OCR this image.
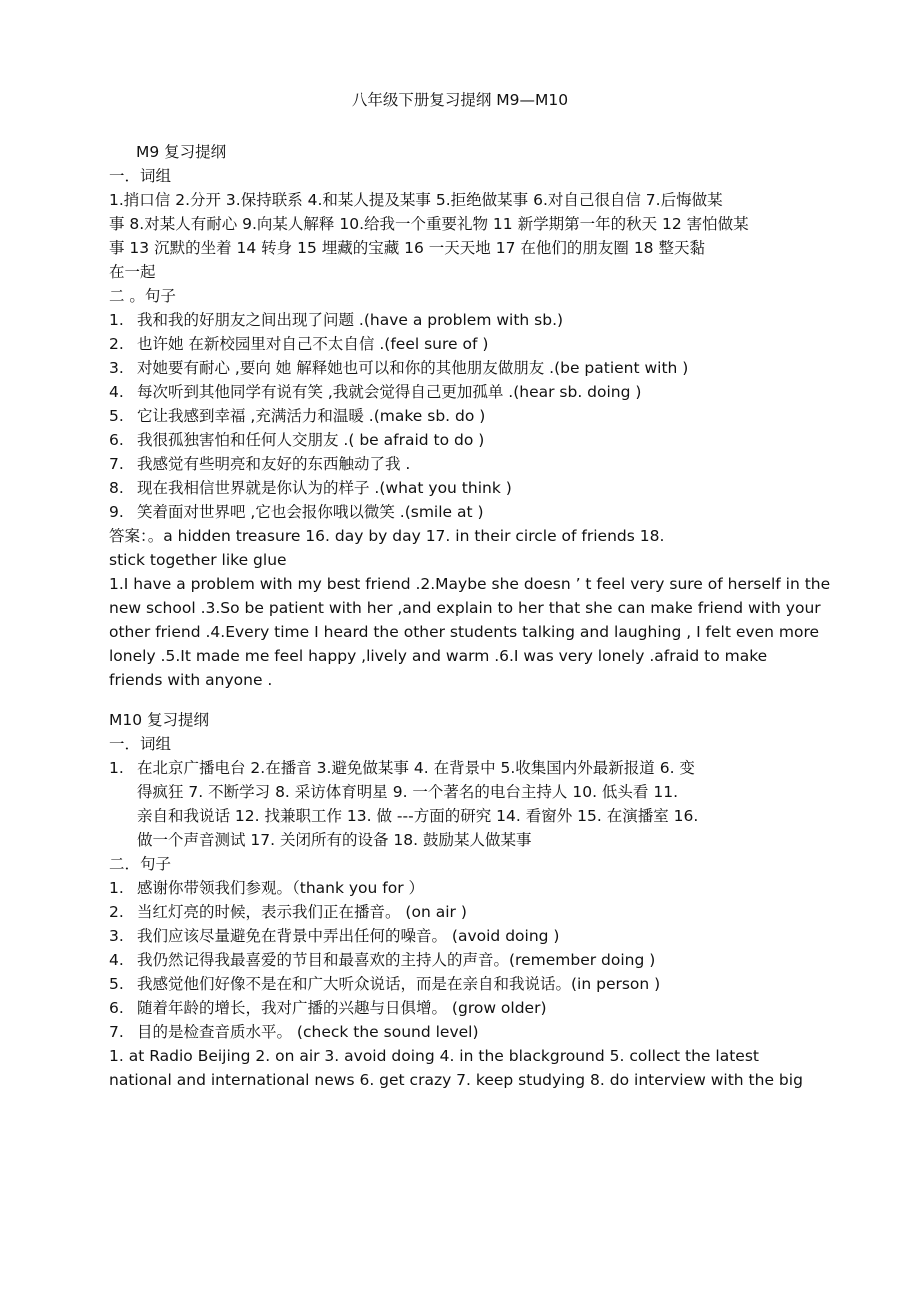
八年级下册复习提纲 M9—M10
M9 复习提纲
一．词组
1.捎口信 2.分开 3.保持联系 4.和某人提及某事 5.拒绝做某事 6.对自己很自信 7.后悔做某
事 8.对某人有耐心 9.向某人解释 10.给我一个重要礼物 11 新学期第一年的秋天 12 害怕做某
事 13 沉默的坐着 14 转身 15 埋藏的宝藏 16 一天天地 17 在他们的朋友圈 18 整天黏
在一起
二 。句子
1. 我和我的好朋友之间出现了问题 .(have a problem with sb.)
2. 也许她 在新校园里对自己不太自信 .(feel sure of )
3. 对她要有耐心 ,要向 她 解释她也可以和你的其他朋友做朋友 .(be patient with )
4. 每次听到其他同学有说有笑 ,我就会觉得自己更加孤单 .(hear sb. doing )
5. 它让我感到幸福 ,充满活力和温暖 .(make sb. do )
6. 我很孤独害怕和任何人交朋友 .( be afraid to do )
7. 我感觉有些明亮和友好的东西触动了我 .
8. 现在我相信世界就是你认为的样子 .(what you think )
9. 笑着面对世界吧 ,它也会报你哦以微笑 .(smile at )
答案：。a hidden treasure 16. day by day 17. in their circle of friends 18.
stick together like glue
1.I have a problem with my best friend .2.Maybe she doesn ’ t feel very sure of herself in the
new school .3.So be patient with her ,and explain to her that she can make friend with your
other friend .4.Every time I heard the other students talking and laughing , I felt even more
lonely .5.It made me feel happy ,lively and warm .6.I was very lonely .afraid to make
friends with anyone .
M10 复习提纲
一．词组
1. 在北京广播电台 2.在播音 3.避免做某事 4. 在背景中 5.收集国内外最新报道 6. 变
得疯狂 7. 不断学习 8. 采访体育明星 9. 一个著名的电台主持人 10. 低头看 11.
亲自和我说话 12. 找兼职工作 13. 做 ---方面的研究 14. 看窗外 15. 在演播室 16.
做一个声音测试 17. 关闭所有的设备 18. 鼓励某人做某事
二．句子
1. 感谢你带领我们参观。（thank you for ）
2. 当红灯亮的时候，表示我们正在播音。 (on air )
3. 我们应该尽量避免在背景中弄出任何的噪音。 (avoid doing )
4. 我仍然记得我最喜爱的节目和最喜欢的主持人的声音。(remember doing )
5. 我感觉他们好像不是在和广大听众说话，而是在亲自和我说话。(in person )
6. 随着年龄的增长，我对广播的兴趣与日俱增。 (grow older)
7. 目的是检查音质水平。 (check the sound level)
1. at Radio Beijing 2. on air 3. avoid doing 4. in the blackground 5. collect the latest
national and international news 6. get crazy 7. keep studying 8. do interview with the big
